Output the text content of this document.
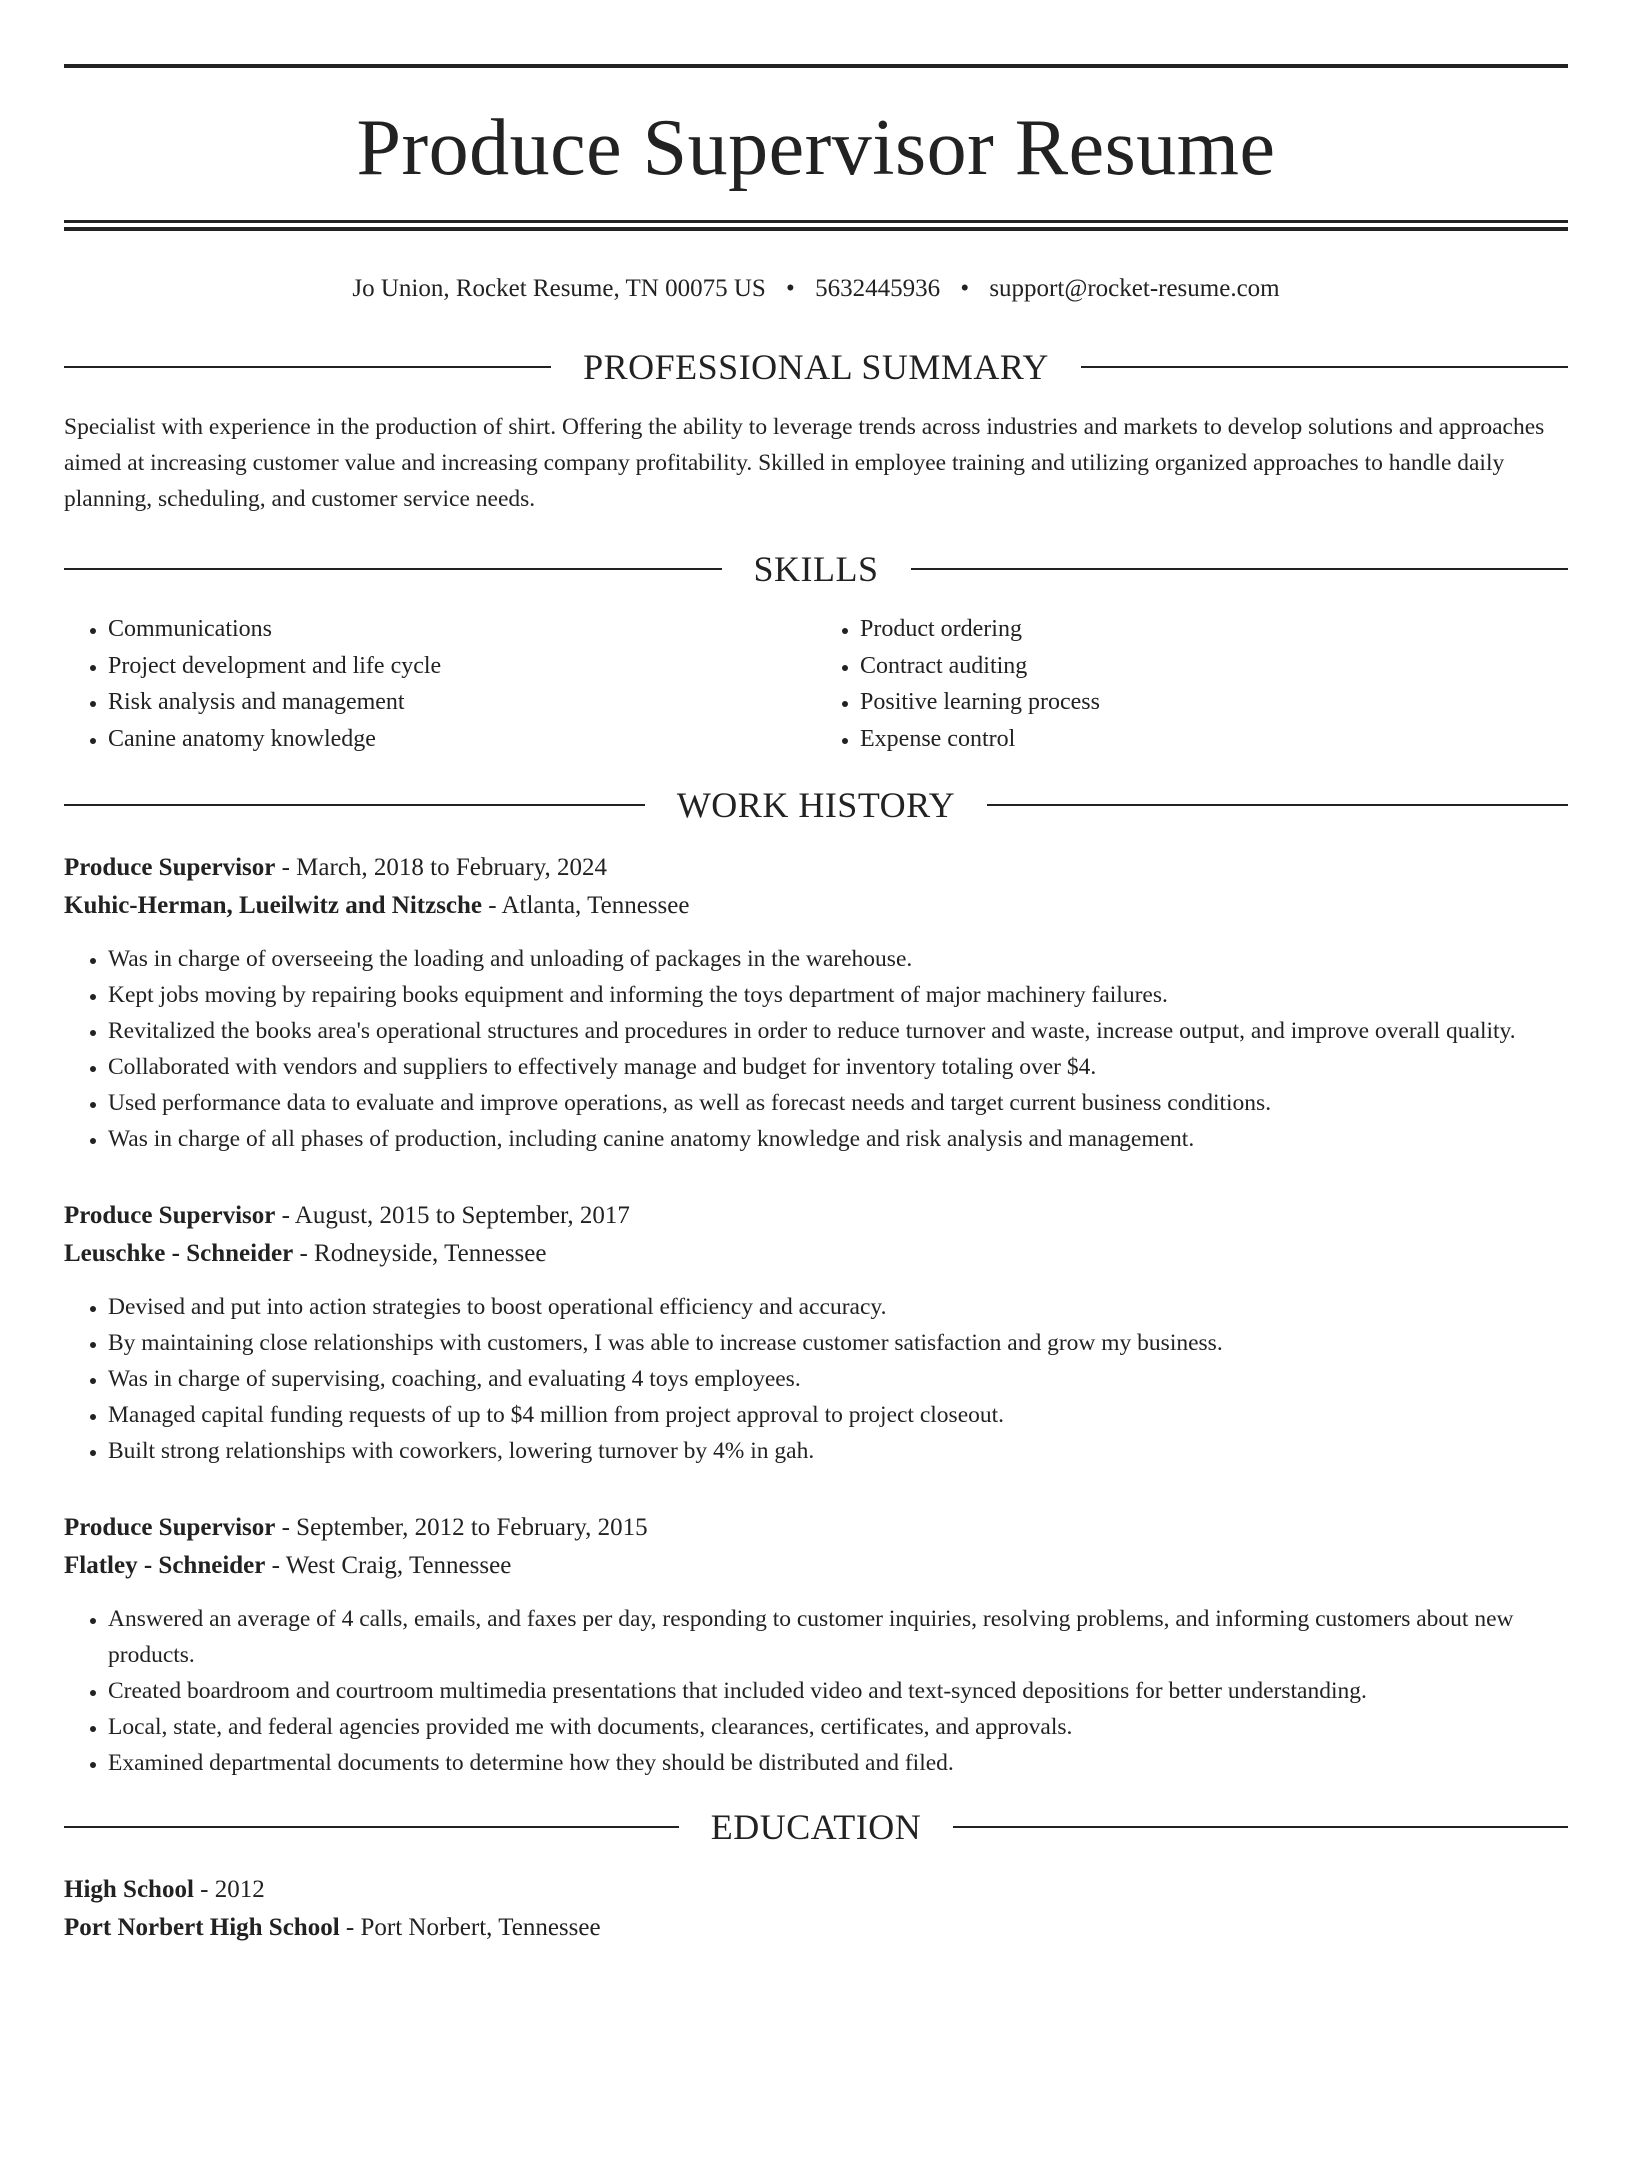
Produce Supervisor Resume
Jo Union, Rocket Resume, TN 00075 US • 5632445936 • support@rocket-resume.com
PROFESSIONAL SUMMARY
Specialist with experience in the production of shirt. Offering the ability to leverage trends across industries and markets to develop solutions and approaches aimed at increasing customer value and increasing company profitability. Skilled in employee training and utilizing organized approaches to handle daily planning, scheduling, and customer service needs.
SKILLS
• Communications
• Project development and life cycle
• Risk analysis and management
• Canine anatomy knowledge
• Product ordering
• Contract auditing
• Positive learning process
• Expense control
WORK HISTORY
Produce Supervisor - March, 2018 to February, 2024
Kuhic-Herman, Lueilwitz and Nitzsche - Atlanta, Tennessee
• Was in charge of overseeing the loading and unloading of packages in the warehouse.
• Kept jobs moving by repairing books equipment and informing the toys department of major machinery failures.
• Revitalized the books area's operational structures and procedures in order to reduce turnover and waste, increase output, and improve overall quality.
• Collaborated with vendors and suppliers to effectively manage and budget for inventory totaling over $4.
• Used performance data to evaluate and improve operations, as well as forecast needs and target current business conditions.
• Was in charge of all phases of production, including canine anatomy knowledge and risk analysis and management.
Produce Supervisor - August, 2015 to September, 2017
Leuschke - Schneider - Rodneyside, Tennessee
• Devised and put into action strategies to boost operational efficiency and accuracy.
• By maintaining close relationships with customers, I was able to increase customer satisfaction and grow my business.
• Was in charge of supervising, coaching, and evaluating 4 toys employees.
• Managed capital funding requests of up to $4 million from project approval to project closeout.
• Built strong relationships with coworkers, lowering turnover by 4% in gah.
Produce Supervisor - September, 2012 to February, 2015
Flatley - Schneider - West Craig, Tennessee
• Answered an average of 4 calls, emails, and faxes per day, responding to customer inquiries, resolving problems, and informing customers about new products.
• Created boardroom and courtroom multimedia presentations that included video and text-synced depositions for better understanding.
• Local, state, and federal agencies provided me with documents, clearances, certificates, and approvals.
• Examined departmental documents to determine how they should be distributed and filed.
EDUCATION
High School - 2012
Port Norbert High School - Port Norbert, Tennessee
